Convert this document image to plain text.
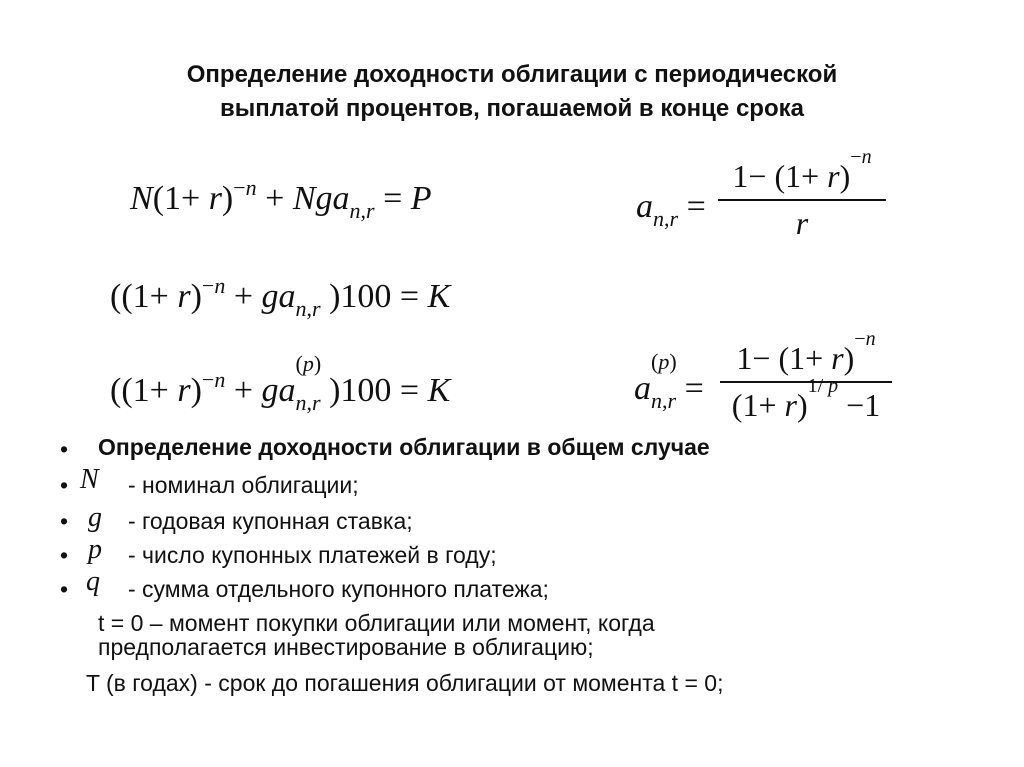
Определение доходности облигации с периодической
выплатой процентов, погашаемой в конце срока
$N(1+ r)^{-n} + Nga_{n,r} = P$	$a_{n,r}$ =
$1- (1+ r)^{-n}$
r
($(1+ r)^{-n} + ga_{n,r}$ )100 = K
($(1+ r)^{-n}$ + ga
(p)
n,r )100 = K	a
(p)
n,r =
$1- (1+ r)^{-n}$
$(1+ r)^{1/ p} -1$
• Определение доходности облигации в общем случае
• N - номинал облигации;
• g - годовая купонная ставка;
• p - число купонных платежей в году;
• q - сумма отдельного купонного платежа;
t = 0 – момент покупки облигации или момент, когда
предполагается инвестирование в облигацию;
T (в годах) - срок до погашения облигации от момента t = 0;
